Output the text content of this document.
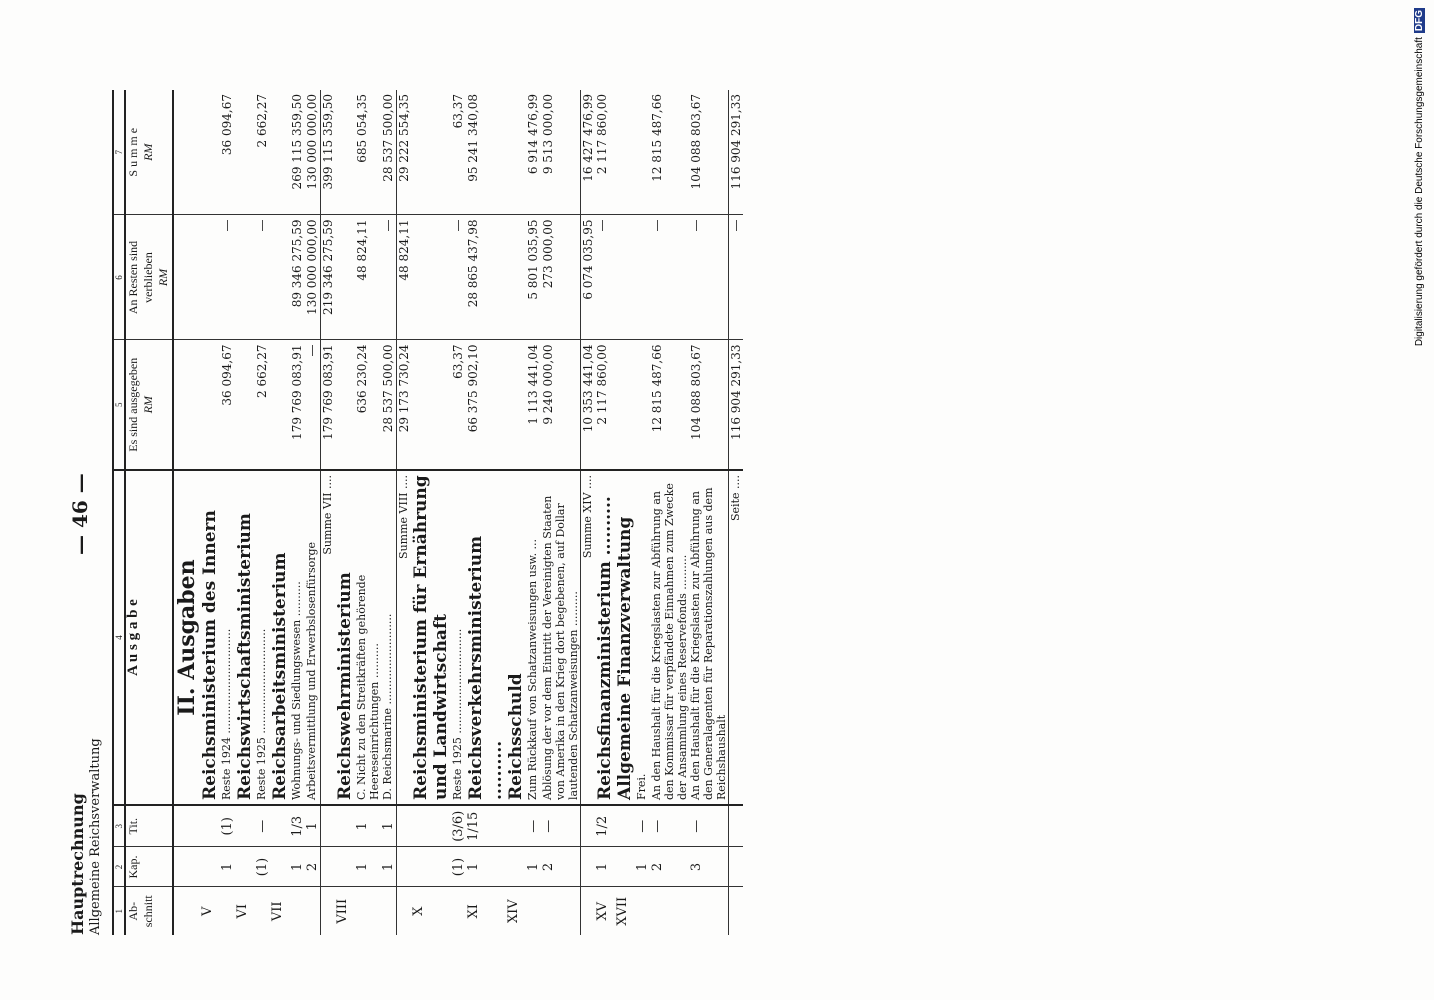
Hauptrechnung Allgemeine Reichsverwaltung
— 46 —
1	2	3	4	5	6	7
Ab- schnitt	Kap.	Tit.	A u s g a b e	Es sind ausgegeben
RM	An Resten sind verblieben
RM	S u m m e
RM
			II. Ausgaben			
V			Reichsministerium des Innern			
	1	(1)	Reste 1924 ..............................	36 094,67	—	36 094,67
VI			Reichswirtschaftsministerium			
	(1)	—	Reste 1925 ..............................	2 662,27	—	2 662,27
VII			Reichsarbeitsministerium			
	1	1/3	Wohnungs- und Siedlungswesen ..........	179 769 083,91	89 346 275,59	269 115 359,50
	2	1	Arbeitsvermittlung und Erwerbslosenfürsorge	—	130 000 000,00	130 000 000,00
			Summe VII ....	179 769 083,91	219 346 275,59	399 115 359,50
VIII			Reichswehrministerium			
	1	1	C. Nicht zu den Streitkräften gehörende Heereseinrichtungen ..........	636 230,24	48 824,11	685 054,35
	1	1	D. Reichsmarine ..........................	28 537 500,00	—	28 537 500,00
			Summe VIII ....	29 173 730,24	48 824,11	29 222 554,35
X			Reichsministerium für Ernährung und Landwirtschaft			
	(1)	(3/6)	Reste 1925 ..............................	63,37	—	63,37
XI	1	1/15	Reichsverkehrsministerium ..........	66 375 902,10	28 865 437,98	95 241 340,08
XIV			Reichsschuld			
	1	—	Zum Rückkauf von Schatzanweisungen usw. ...	1 113 441,04	5 801 035,95	6 914 476,99
	2	—	Ablösung der vor dem Eintritt der Vereinigten Staaten von Amerika in den Krieg dort begebenen, auf Dollar lautenden Schatzanweisungen ..........	9 240 000,00	273 000,00	9 513 000,00
			Summe XIV ....	10 353 441,04	6 074 035,95	16 427 476,99
XV	1	1/2	Reichsfinanzministerium ..........	2 117 860,00	—	2 117 860,00
XVII			Allgemeine Finanzverwaltung			
	1	—	Frei.			
	2	—	An den Haushalt für die Kriegslasten zur Abführung an den Kommissar für verpfändete Einnahmen zum Zwecke der Ansammlung eines Reservefonds ..........	12 815 487,66	—	12 815 487,66
	3	—	An den Haushalt für die Kriegslasten zur Abführung an den Generalagenten für Reparationszahlungen aus dem Reichshaushalt	104 088 803,67	—	104 088 803,67
			Seite ....	116 904 291,33	—	116 904 291,33	Digitalisierung gefördert durch die Deutsche ForschungsgemeinschaftDFG
